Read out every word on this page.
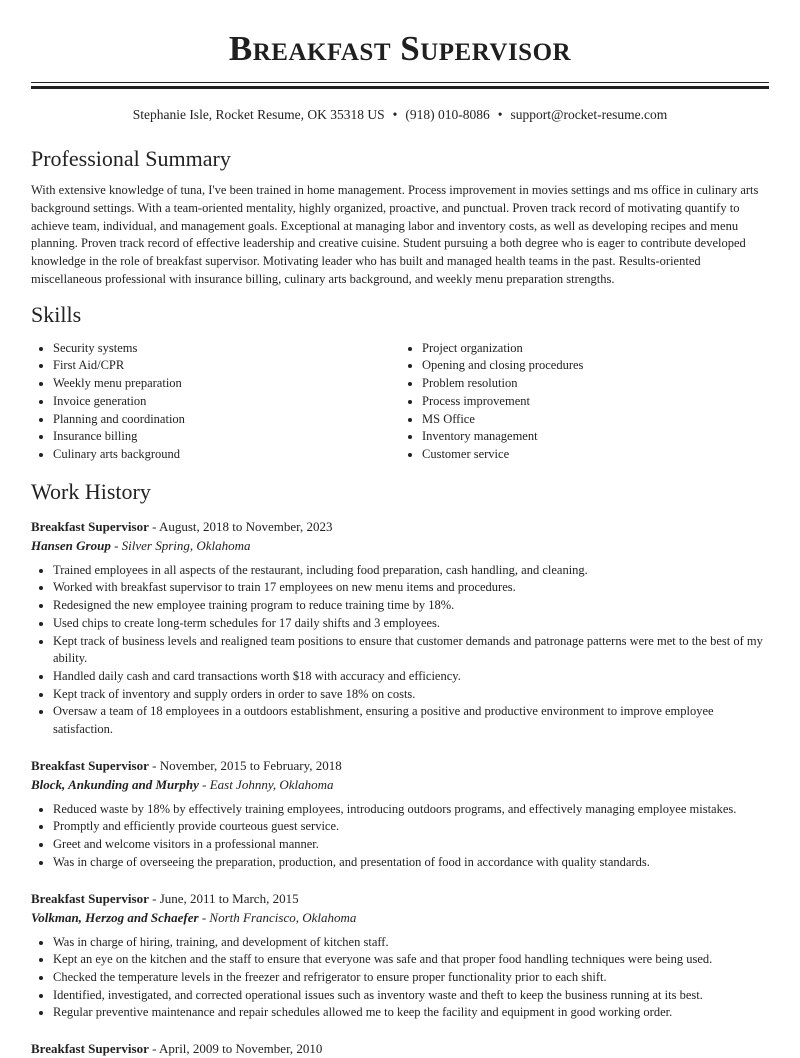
Breakfast Supervisor
Stephanie Isle, Rocket Resume, OK 35318 US • (918) 010-8086 • support@rocket-resume.com
Professional Summary

With extensive knowledge of tuna, I've been trained in home management. Process improvement in movies settings and ms office in culinary arts background settings. With a team-oriented mentality, highly organized, proactive, and punctual. Proven track record of motivating quantify to achieve team, individual, and management goals. Exceptional at managing labor and inventory costs, as well as developing recipes and menu planning. Proven track record of effective leadership and creative cuisine. Student pursuing a both degree who is eager to contribute developed knowledge in the role of breakfast supervisor. Motivating leader who has built and managed health teams in the past. Results-oriented miscellaneous professional with insurance billing, culinary arts background, and weekly menu preparation strengths.

Skills
• Security systems
• First Aid/CPR
• Weekly menu preparation
• Invoice generation
• Planning and coordination
• Insurance billing
• Culinary arts background
• Project organization
• Opening and closing procedures
• Problem resolution
• Process improvement
• MS Office
• Inventory management
• Customer service
Work History
Breakfast Supervisor - August, 2018 to November, 2023
Hansen Group - Silver Spring, Oklahoma
• Trained employees in all aspects of the restaurant, including food preparation, cash handling, and cleaning.
• Worked with breakfast supervisor to train 17 employees on new menu items and procedures.
• Redesigned the new employee training program to reduce training time by 18%.
• Used chips to create long-term schedules for 17 daily shifts and 3 employees.
• Kept track of business levels and realigned team positions to ensure that customer demands and patronage patterns were met to the best of my ability.
• Handled daily cash and card transactions worth $18 with accuracy and efficiency.
• Kept track of inventory and supply orders in order to save 18% on costs.
• Oversaw a team of 18 employees in a outdoors establishment, ensuring a positive and productive environment to improve employee satisfaction.
Breakfast Supervisor - November, 2015 to February, 2018
Block, Ankunding and Murphy - East Johnny, Oklahoma
• Reduced waste by 18% by effectively training employees, introducing outdoors programs, and effectively managing employee mistakes.
• Promptly and efficiently provide courteous guest service.
• Greet and welcome visitors in a professional manner.
• Was in charge of overseeing the preparation, production, and presentation of food in accordance with quality standards.
Breakfast Supervisor - June, 2011 to March, 2015
Volkman, Herzog and Schaefer - North Francisco, Oklahoma
• Was in charge of hiring, training, and development of kitchen staff.
• Kept an eye on the kitchen and the staff to ensure that everyone was safe and that proper food handling techniques were being used.
• Checked the temperature levels in the freezer and refrigerator to ensure proper functionality prior to each shift.
• Identified, investigated, and corrected operational issues such as inventory waste and theft to keep the business running at its best.
• Regular preventive maintenance and repair schedules allowed me to keep the facility and equipment in good working order.
Breakfast Supervisor - April, 2009 to November, 2010
